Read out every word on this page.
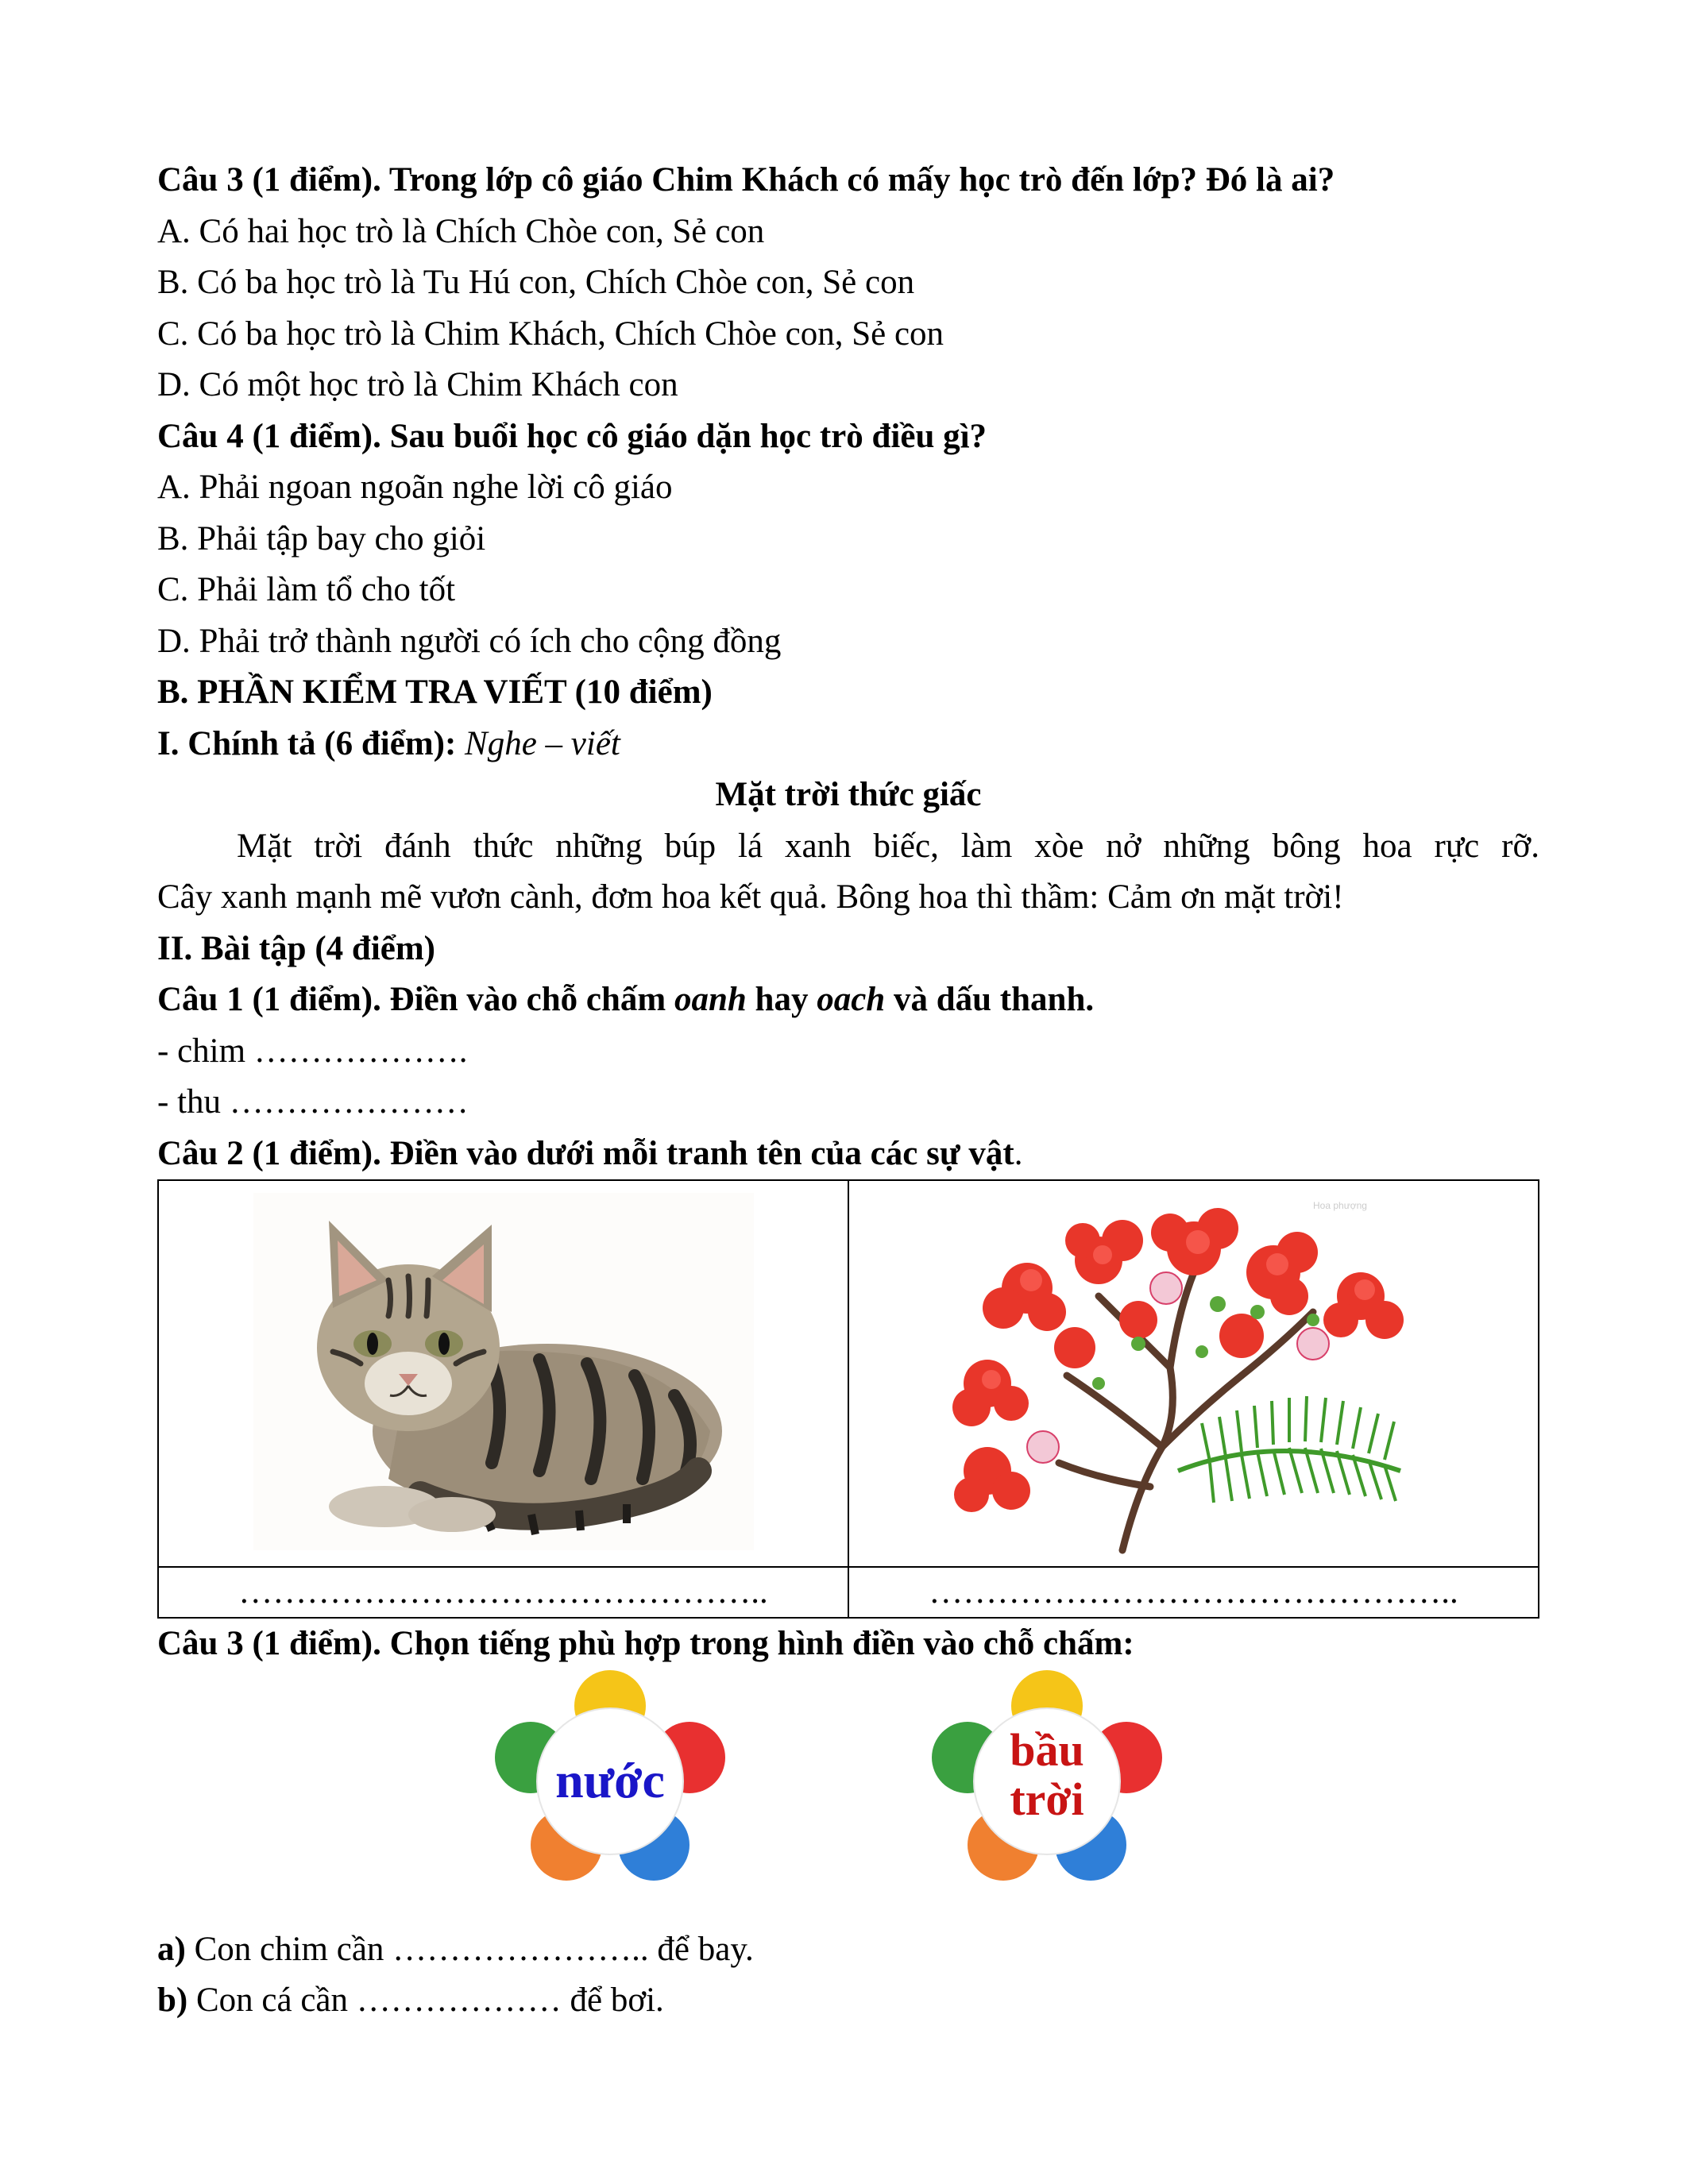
Câu 3 (1 điểm). Trong lớp cô giáo Chim Khách có mấy học trò đến lớp? Đó là ai?
A. Có hai học trò là Chích Chòe con, Sẻ con
B. Có ba học trò là Tu Hú con, Chích Chòe con, Sẻ con
C. Có ba học trò là Chim Khách, Chích Chòe con, Sẻ con
D. Có một học trò là Chim Khách con
Câu 4 (1 điểm). Sau buổi học cô giáo dặn học trò điều gì?
A. Phải ngoan ngoãn nghe lời cô giáo
B. Phải tập bay cho giỏi
C. Phải làm tổ cho tốt
D. Phải trở thành người có ích cho cộng đồng
B. PHẦN KIỂM TRA VIẾT (10 điểm)
I. Chính tả (6 điểm): Nghe – viết
Mặt trời thức giấc
Mặt trời đánh thức những búp lá xanh biếc, làm xòe nở những bông hoa rực rỡ.
Cây xanh mạnh mẽ vươn cành, đơm hoa kết quả. Bông hoa thì thầm: Cảm ơn mặt trời!
II. Bài tập (4 điểm)
Câu 1 (1 điểm). Điền vào chỗ chấm oanh hay oach và dấu thanh.
- chim ……………….
- thu …………………
Câu 2 (1 điểm). Điền vào dưới mỗi tranh tên của các sự vật.

Hoa phượng

………………………………………..	………………………………………..
Câu 3 (1 điểm). Chọn tiếng phù hợp trong hình điền vào chỗ chấm:
nước
bầu
trời
a) Con chim cần ………………….. để bay.
b) Con cá cần ……………… để bơi.
